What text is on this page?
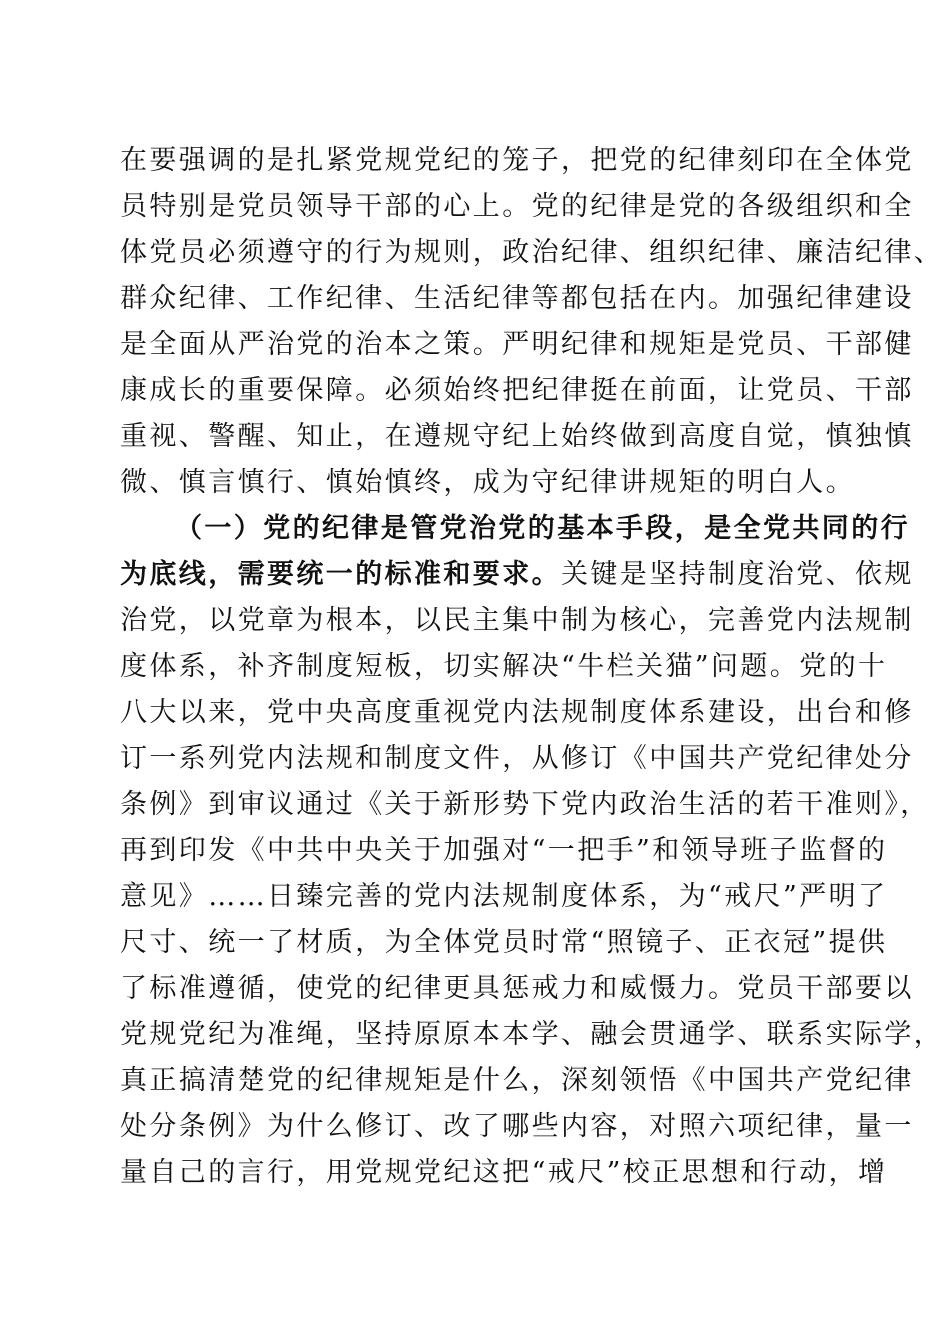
在要强调的是扎紧党规党纪的笼子，把党的纪律刻印在全体党
员特别是党员领导干部的心上。党的纪律是党的各级组织和全
体党员必须遵守的行为规则，政治纪律、组织纪律、廉洁纪律、
群众纪律、工作纪律、生活纪律等都包括在内。加强纪律建设
是全面从严治党的治本之策。严明纪律和规矩是党员、干部健
康成长的重要保障。必须始终把纪律挺在前面，让党员、干部
重视、警醒、知止，在遵规守纪上始终做到高度自觉，慎独慎
微、慎言慎行、慎始慎终，成为守纪律讲规矩的明白人。
（一）党的纪律是管党治党的基本手段，是全党共同的行
为底线，需要统一的标准和要求。关键是坚持制度治党、依规
治党，以党章为根本，以民主集中制为核心，完善党内法规制
度体系，补齐制度短板，切实解决“牛栏关猫”问题。党的十
八大以来，党中央高度重视党内法规制度体系建设，出台和修
订一系列党内法规和制度文件，从修订《中国共产党纪律处分
条例》到审议通过《关于新形势下党内政治生活的若干准则》，
再到印发《中共中央关于加强对“一把手”和领导班子监督的
意见》……日臻完善的党内法规制度体系，为“戒尺”严明了
尺寸、统一了材质，为全体党员时常“照镜子、正衣冠”提供
了标准遵循，使党的纪律更具惩戒力和威慑力。党员干部要以
党规党纪为准绳，坚持原原本本学、融会贯通学、联系实际学，
真正搞清楚党的纪律规矩是什么，深刻领悟《中国共产党纪律
处分条例》为什么修订、改了哪些内容，对照六项纪律，量一
量自己的言行，用党规党纪这把“戒尺”校正思想和行动，增
